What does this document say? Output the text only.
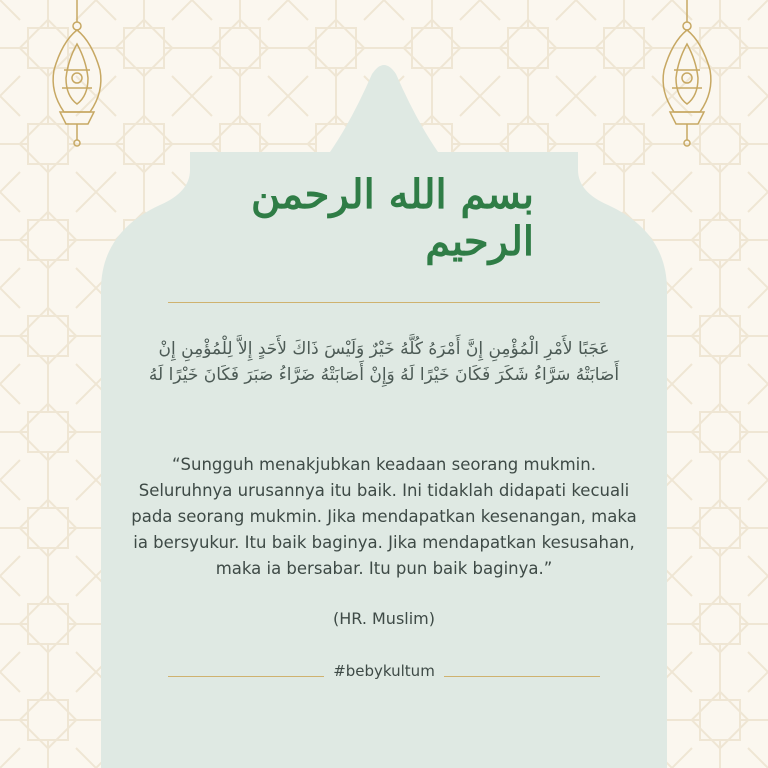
بسم الله الرحمن الرحيم
عَجَبًا لأَمْرِ الْمُؤْمِنِ إِنَّ أَمْرَهُ كُلَّهُ خَيْرٌ وَلَيْسَ ذَاكَ لأَحَدٍ إِلاَّ لِلْمُؤْمِنِ إِنْ
أَصَابَتْهُ سَرَّاءُ شَكَرَ فَكَانَ خَيْرًا لَهُ وَإِنْ أَصَابَتْهُ ضَرَّاءُ صَبَرَ فَكَانَ خَيْرًا لَهُ
“Sungguh menakjubkan keadaan seorang mukmin.
Seluruhnya urusannya itu baik. Ini tidaklah didapati kecuali
pada seorang mukmin. Jika mendapatkan kesenangan, maka
ia bersyukur. Itu baik baginya. Jika mendapatkan kesusahan,
maka ia bersabar. Itu pun baik baginya.”
(HR. Muslim)
#bebykultum
